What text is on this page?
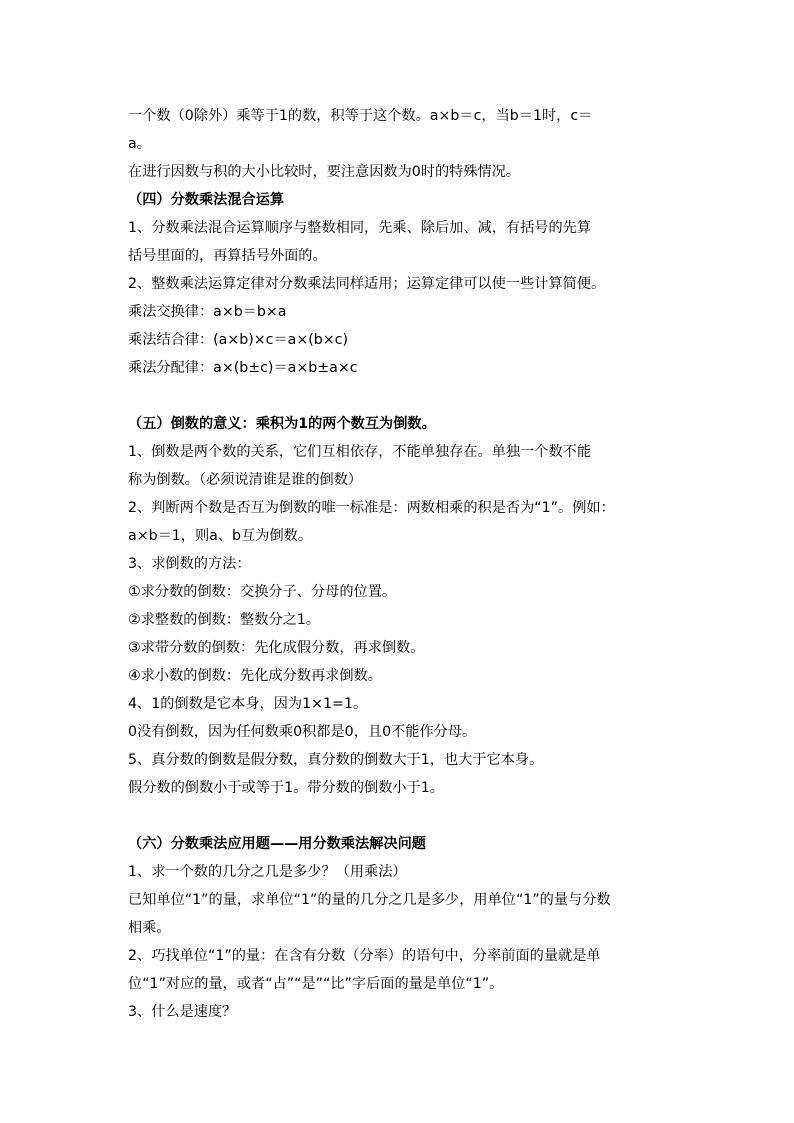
一个数（0除外）乘等于1的数，积等于这个数。a×b＝c，当b＝1时，c＝
a。
在进行因数与积的大小比较时，要注意因数为0时的特殊情况。
（四）分数乘法混合运算
1、分数乘法混合运算顺序与整数相同，先乘、除后加、减，有括号的先算
括号里面的，再算括号外面的。
2、整数乘法运算定律对分数乘法同样适用；运算定律可以使一些计算简便。
乘法交换律：a×b＝b×a
乘法结合律：(a×b)×c＝a×(b×c)
乘法分配律：a×(b±c)＝a×b±a×c
（五）倒数的意义：乘积为1的两个数互为倒数。
1、倒数是两个数的关系，它们互相依存，不能单独存在。单独一个数不能
称为倒数。（必须说清谁是谁的倒数）
2、判断两个数是否互为倒数的唯一标准是：两数相乘的积是否为“1”。例如：
a×b＝1，则a、b互为倒数。
3、求倒数的方法：
①求分数的倒数：交换分子、分母的位置。
②求整数的倒数：整数分之1。
③求带分数的倒数：先化成假分数，再求倒数。
④求小数的倒数：先化成分数再求倒数。
4、1的倒数是它本身，因为1×1=1。
0没有倒数，因为任何数乘0积都是0，且0不能作分母。
5、真分数的倒数是假分数，真分数的倒数大于1，也大于它本身。
假分数的倒数小于或等于1。带分数的倒数小于1。
（六）分数乘法应用题——用分数乘法解决问题
1、求一个数的几分之几是多少？（用乘法）
已知单位“1”的量，求单位“1”的量的几分之几是多少，用单位“1”的量与分数
相乘。
2、巧找单位“1”的量：在含有分数（分率）的语句中，分率前面的量就是单
位“1”对应的量，或者“占”“是”“比”字后面的量是单位“1”。
3、什么是速度？
